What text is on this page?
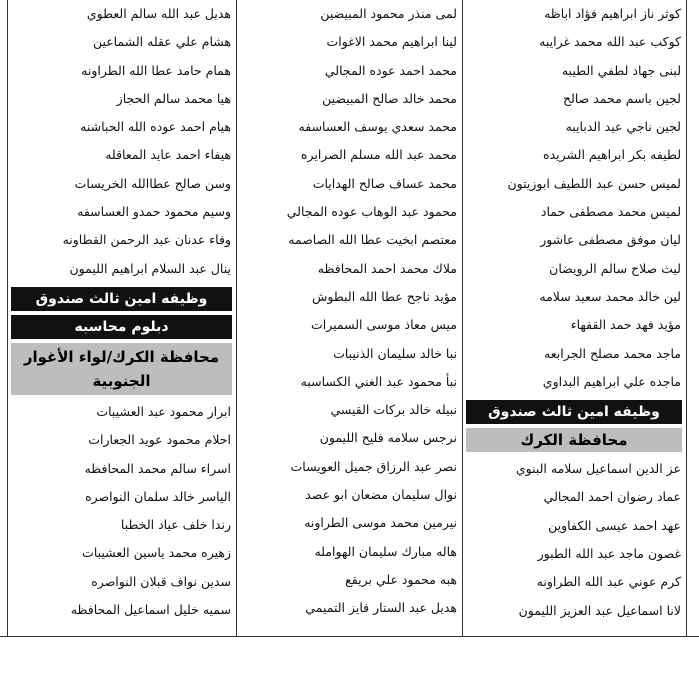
كوثر ناز ابراهيم فؤاد اباظه
كوكب عبد الله محمد غرايبه
لبنى جهاد لطفي الطيبه
لجين باسم محمد صالح
لجين ناجي عيد الدبايبه
لطيفه بكر ابراهيم الشريده
لميس حسن عبد اللطيف ابوزيتون
لميس محمد مصطفى حماد
ليان موفق مصطفى عاشور
ليث صلاح سالم الرويضان
لين خالد محمد سعيد سلامه
مؤيد فهد حمد القفهاء
ماجد محمد مصلح الجرابعه
ماجده علي ابراهيم البداوي
وظيفه امين ثالث صندوق
محافظة الكرك
عز الدين اسماعيل سلامه البنوي
عماد رضوان احمد المجالي
عهد احمد عيسى الكفاوين
غصون ماجد عبد الله الطبور
كرم عوني عبد الله الطراونه
لانا اسماعيل عبد العزيز الليمون
لمى منذر محمود المبيضين
لينا ابراهيم محمد الاغوات
محمد احمد عوده المجالي
محمد خالد صالح المبيضين
محمد سعدي يوسف العساسفه
محمد عبد الله مسلم الصرايره
محمد عساف صالح الهدايات
محمود عبد الوهاب عوده المجالي
معتصم ابخيت عطا الله الصاصمه
ملاك محمد احمد المحافظه
مؤيد ناجح عطا الله البطوش
ميس معاذ موسى السميرات
نبا خالد سليمان الذنيبات
نبأ محمود عبد الغني الكساسبه
نبيله خالد بركات القيسي
نرجس سلامه فليح الليمون
نصر عبد الرزاق جميل العويسات
نوال سليمان مضعان ابو عصد
نيرمين محمد موسى الطراونه
هاله مبارك سليمان الهوامله
هبه محمود علي بريقع
هديل عبد الستار فايز التميمي
هديل عبد الله سالم العطوي
هشام علي عقله الشماعين
همام حامد عطا الله الطراونه
هيا محمد سالم الحجاز
هيام احمد عوده الله الحباشنه
هيفاء احمد عايد المعاقله
وسن صالح عطاالله الخريسات
وسيم محمود حمدو العساسفه
وفاء عدنان عبد الرحمن القطاونه
ينال عبد السلام ابراهيم الليمون
وظيفه امين ثالث صندوق
دبلوم محاسبه
محافظة الكرك/لواء الأغوار الجنوبية
ابرار محمود عبد العشيبات
احلام محمود عويد الجعارات
اسراء سالم محمد المحافظه
الياسر خالد سلمان النواصره
رندا خلف عياد الخطبا
زهيره محمد ياسين العشيبات
سدين نواف قبلان النواصره
سميه خليل اسماعيل المحافظه
